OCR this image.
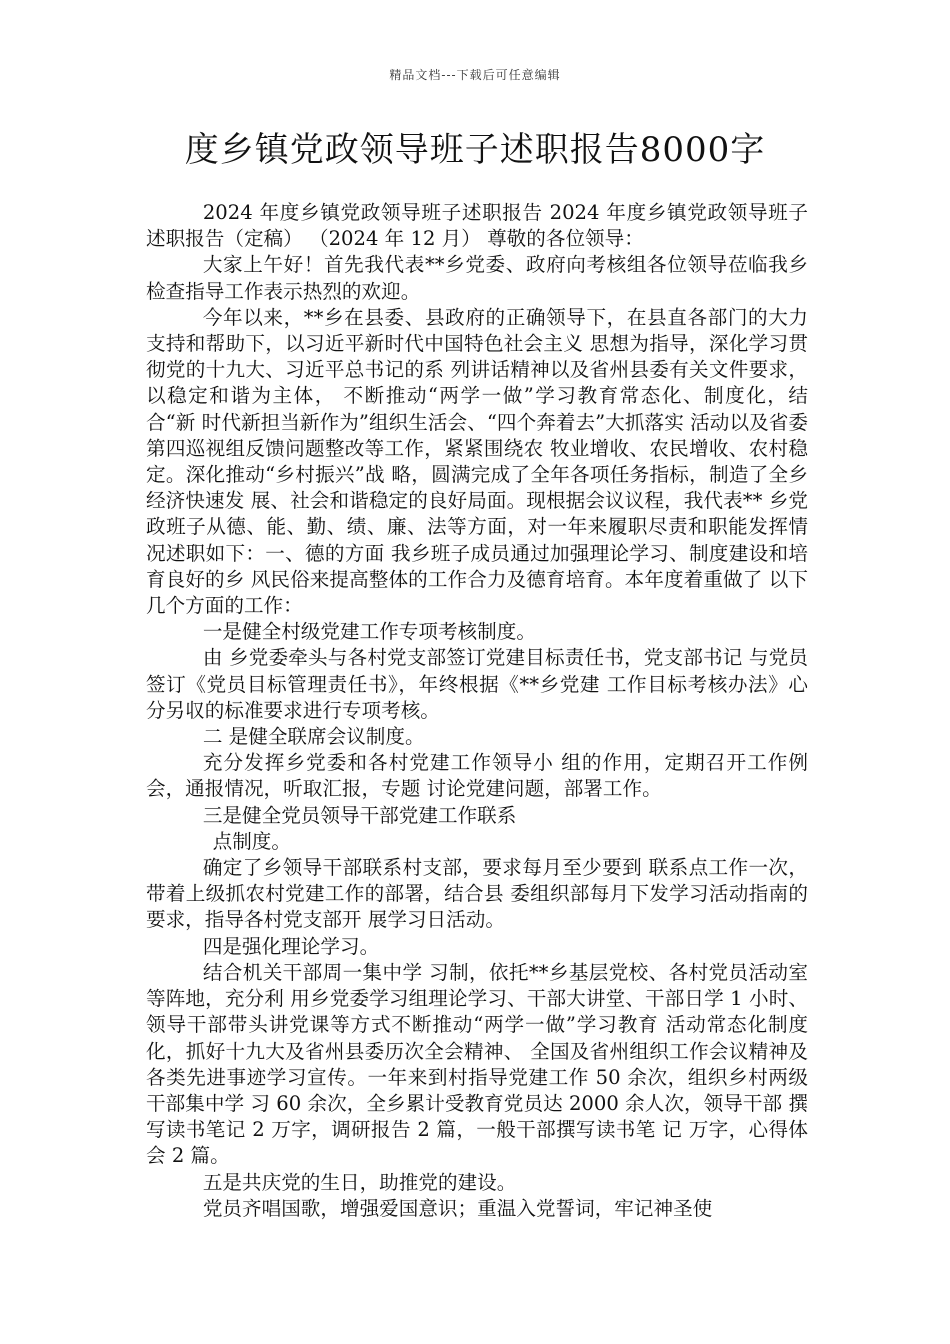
精品文档---下载后可任意编辑
度乡镇党政领导班子述职报告8000字

2024 年度乡镇党政领导班子述职报告 2024 年度乡镇党政领导班子述职报告（定稿） （2024 年 12 月） 尊敬的各位领导：

大家上午好！首先我代表**乡党委、政府向考核组各位领导莅临我乡检查指导工作表示热烈的欢迎。

今年以来，**乡在县委、县政府的正确领导下，在县直各部门的大力支持和帮助下，以习近平新时代中国特色社会主义 思想为指导，深化学习贯彻党的十九大、习近平总书记的系 列讲话精神以及省州县委有关文件要求，以稳定和谐为主体， 不断推动“两学一做”学习教育常态化、制度化，结合“新 时代新担当新作为”组织生活会、“四个奔着去”大抓落实 活动以及省委第四巡视组反馈问题整改等工作，紧紧围绕农 牧业增收、农民增收、农村稳定。深化推动“乡村振兴”战 略，圆满完成了全年各项任务指标，制造了全乡经济快速发 展、社会和谐稳定的良好局面。现根据会议议程，我代表** 乡党政班子从德、能、勤、绩、廉、法等方面，对一年来履职尽责和职能发挥情况述职如下：一、德的方面 我乡班子成员通过加强理论学习、制度建设和培育良好的乡 风民俗来提高整体的工作合力及德育培育。本年度着重做了 以下几个方面的工作：

一是健全村级党建工作专项考核制度。

由 乡党委牵头与各村党支部签订党建目标责任书，党支部书记 与党员签订《党员目标管理责任书》，年终根据《**乡党建 工作目标考核办法》心分另収的标准要求进行专项考核。

二 是健全联席会议制度。

充分发挥乡党委和各村党建工作领导小 组的作用，定期召开工作例会，通报情况，听取汇报，专题 讨论党建问题，部署工作。

三是健全党员领导干部党建工作联系

点制度。

确定了乡领导干部联系村支部，要求每月至少要到 联系点工作一次，带着上级抓农村党建工作的部署，结合县 委组织部每月下发学习活动指南的要求，指导各村党支部开 展学习日活动。

四是强化理论学习。

结合机关干部周一集中学 习制，依托**乡基层党校、各村党员活动室等阵地，充分利 用乡党委学习组理论学习、干部大讲堂、干部日学 1 小时、 领导干部带头讲党课等方式不断推动“两学一做”学习教育 活动常态化制度化，抓好十九大及省州县委历次全会精神、 全国及省州组织工作会议精神及各类先进事迹学习宣传。一年来到村指导党建工作 50 余次，组织乡村两级干部集中学 习 60 余次，全乡累计受教育党员达 2000 余人次，领导干部 撰写读书笔记 2 万字，调研报告 2 篇，一般干部撰写读书笔 记 万字，心得体会 2 篇。

五是共庆党的生日，助推党的建设。

党员齐唱国歌，增强爱国意识；重温入党誓词，牢记神圣使
